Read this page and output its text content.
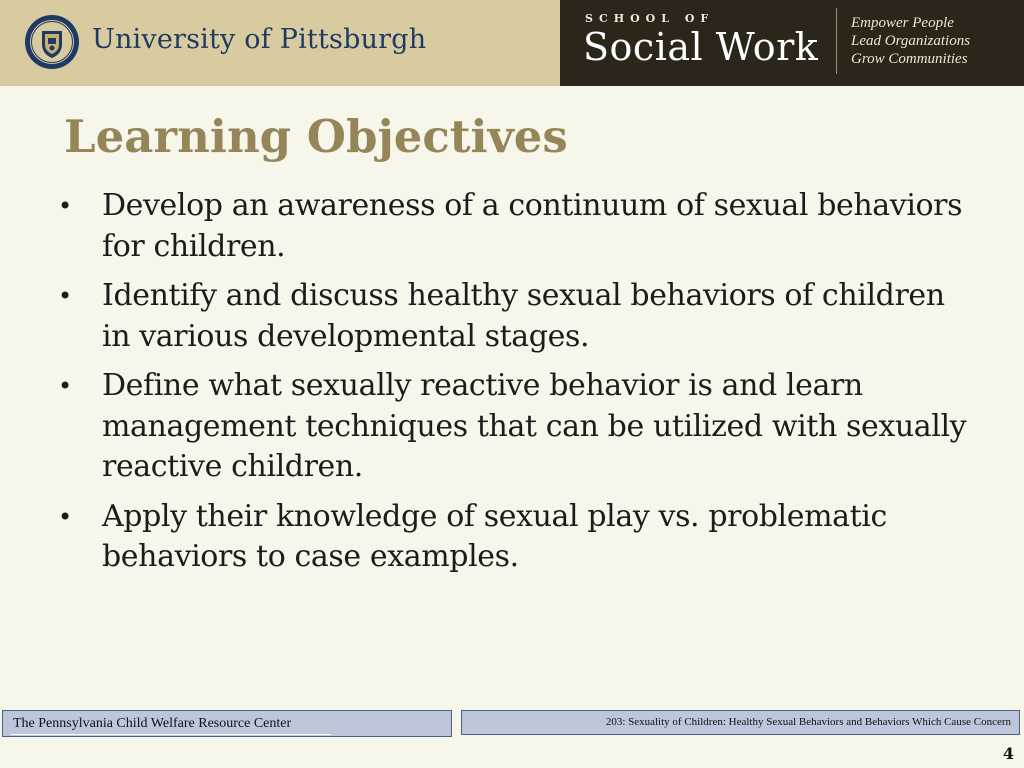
University of Pittsburgh
SCHOOL OF
Social Work
Empower People
Lead Organizations
Grow Communities
Learning Objectives
• Develop an awareness of a continuum of sexual behaviors for children.
• Identify and discuss healthy sexual behaviors of children in various developmental stages.
• Define what sexually reactive behavior is and learn management techniques that can be utilized with sexually reactive children.
• Apply their knowledge of sexual play vs. problematic behaviors to case examples.
The Pennsylvania Child Welfare Resource Center	203: Sexuality of Children: Healthy Sexual Behaviors and Behaviors Which Cause Concern
4
